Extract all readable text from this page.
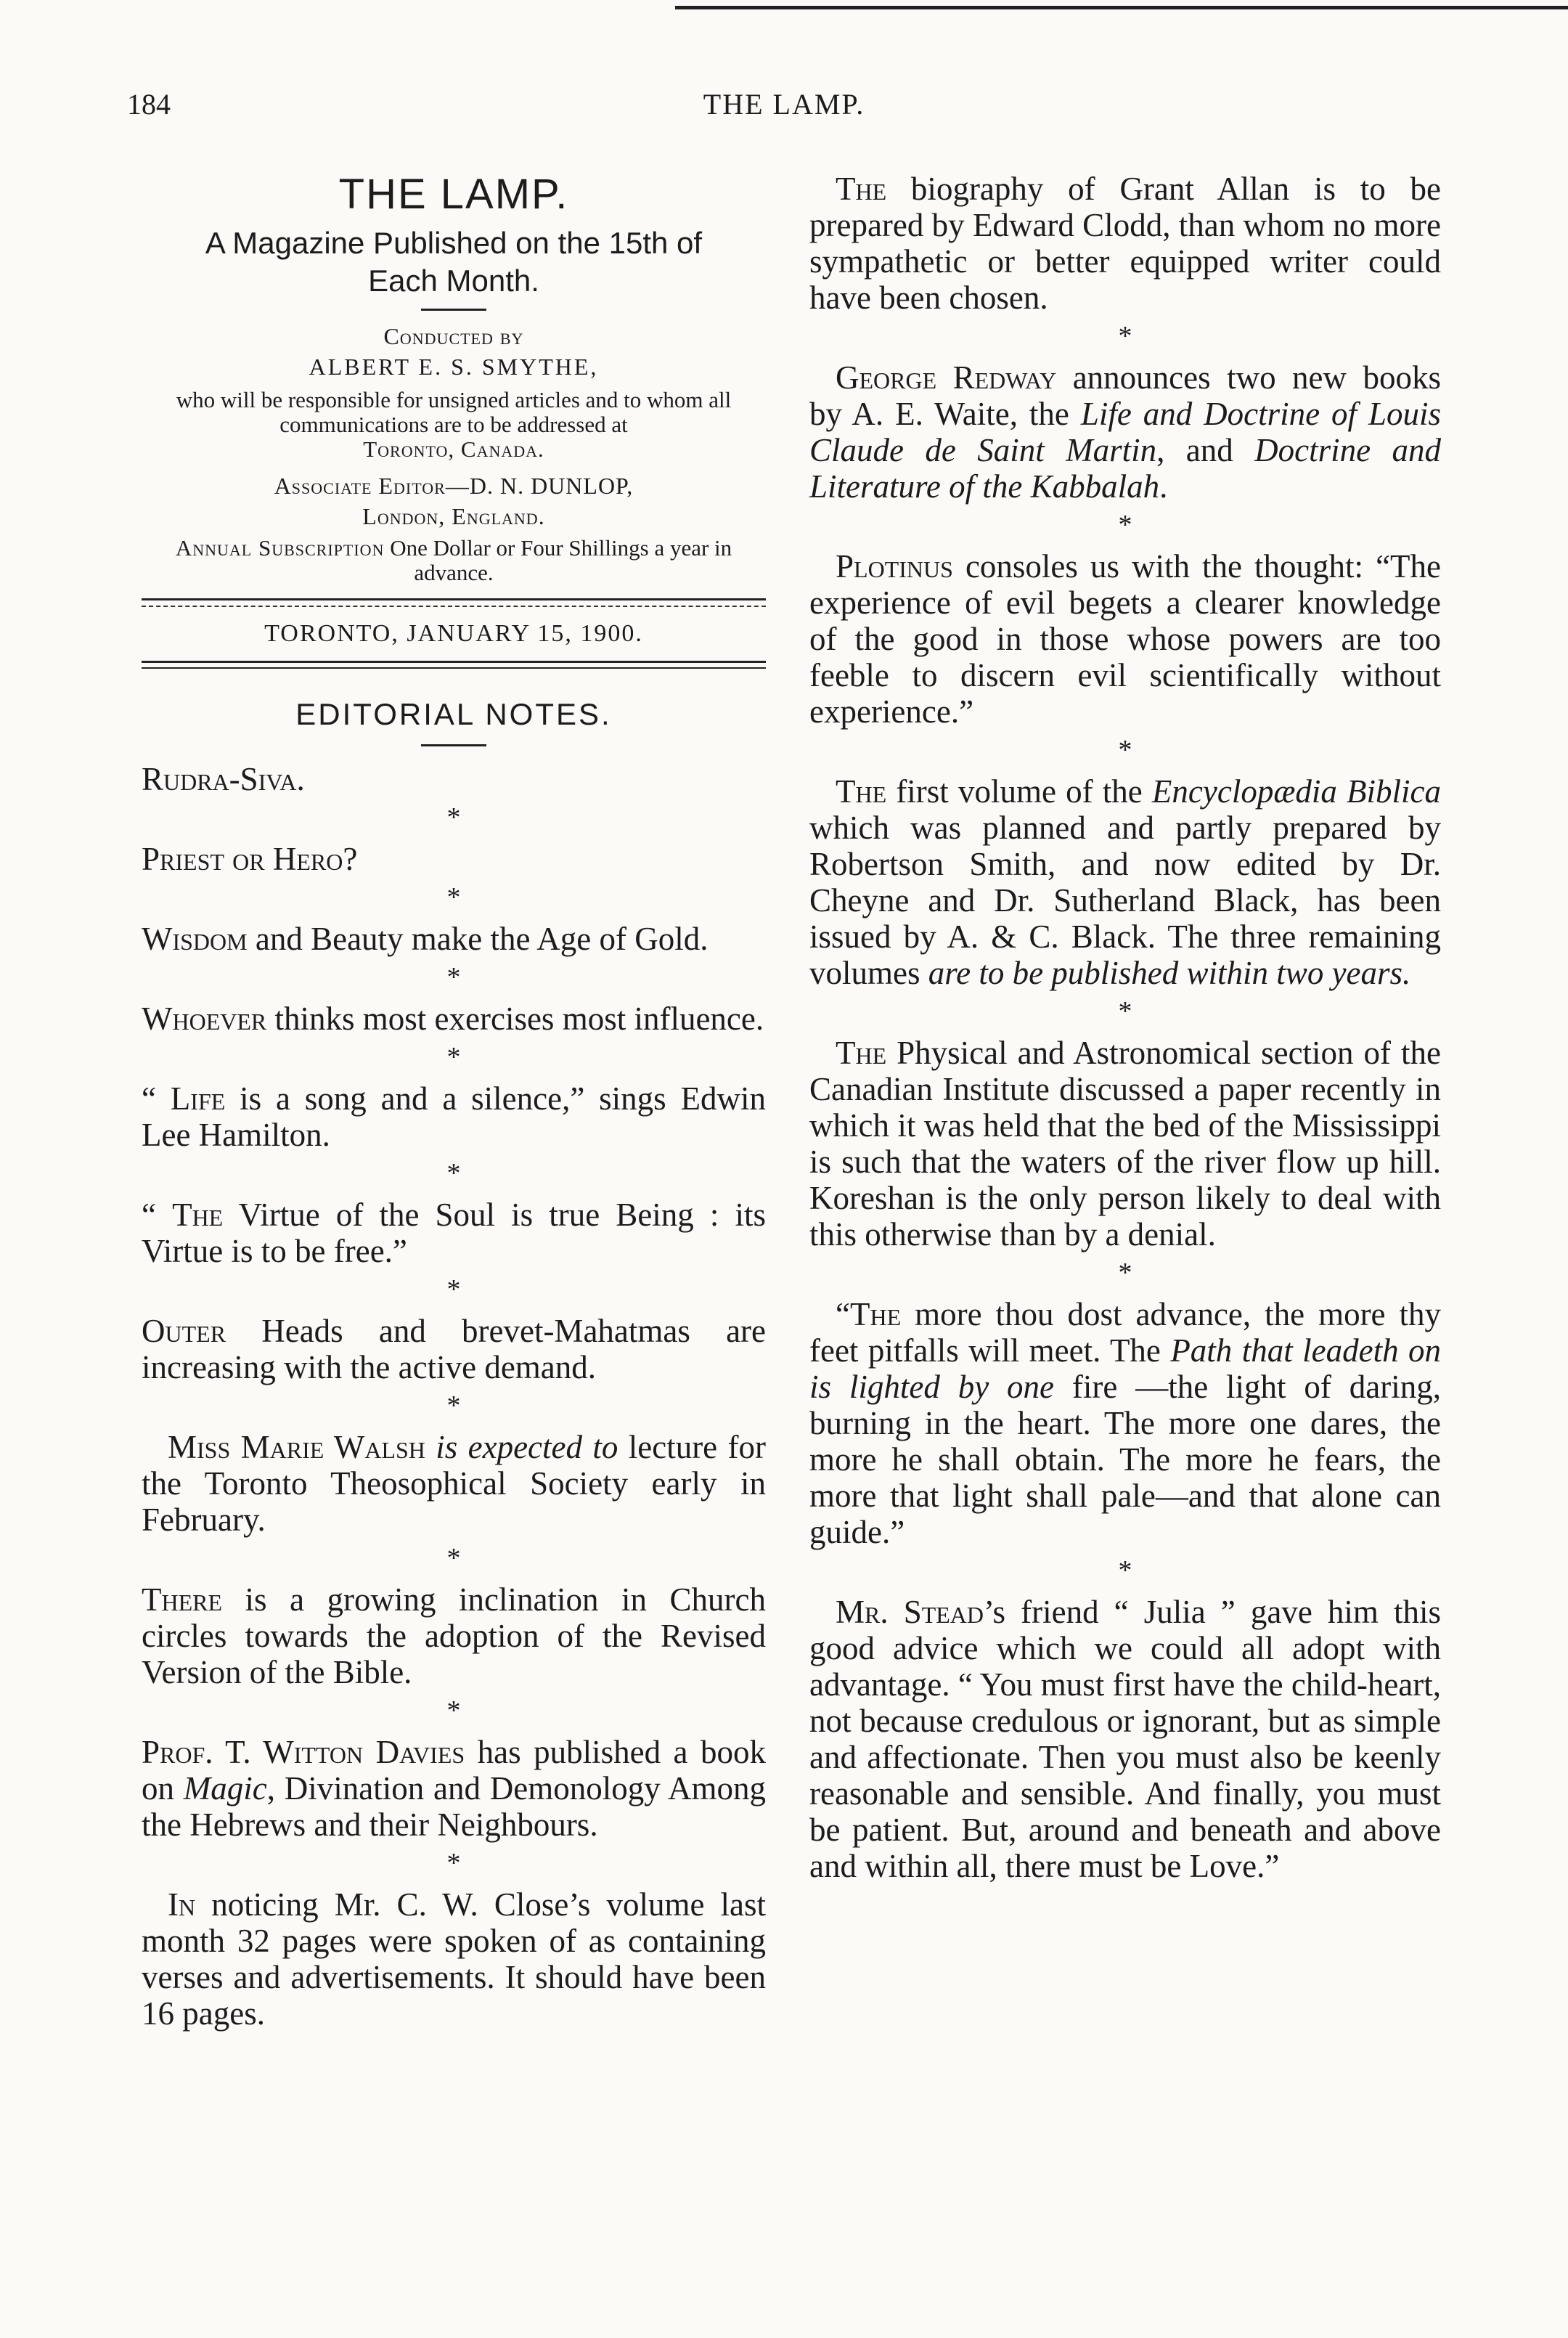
184	THE LAMP.

THE LAMP.

A Magazine Published on the 15th of Each Month.

Conducted by

ALBERT E. S. SMYTHE,

who will be responsible for unsigned articles and to whom all communications are to be addressed at
Toronto, Canada.

Associate Editor—D. N. DUNLOP,

London, England.

Annual Subscription One Dollar or Four Shillings a year in advance.

TORONTO, JANUARY 15, 1900.

EDITORIAL NOTES.

Rudra-Siva.

*

Priest or Hero?

*

Wisdom and Beauty make the Age of Gold.

*

Whoever thinks most exercises most influence.

*

“ Life is a song and a silence,” sings Edwin Lee Hamilton.

*

“ The Virtue of the Soul is true Being : its Virtue is to be free.”

*

Outer Heads and brevet-Mahatmas are increasing with the active demand.

*

Miss Marie Walsh is expected to lecture for the Toronto Theosophical Society early in February.

*

There is a growing inclination in Church circles towards the adoption of the Revised Version of the Bible.

*

Prof. T. Witton Davies has published a book on Magic, Divination and Demonology Among the Hebrews and their Neighbours.

*

In noticing Mr. C. W. Close’s volume last month 32 pages were spoken of as containing verses and advertisements. It should have been 16 pages.

The biography of Grant Allan is to be prepared by Edward Clodd, than whom no more sympathetic or better equipped writer could have been chosen.

*

George Redway announces two new books by A. E. Waite, the Life and Doctrine of Louis Claude de Saint Martin, and Doctrine and Literature of the Kabbalah.

*

Plotinus consoles us with the thought: “The experience of evil begets a clearer knowledge of the good in those whose powers are too feeble to discern evil scientifically without experience.”

*

The first volume of the Encyclopædia Biblica which was planned and partly prepared by Robertson Smith, and now edited by Dr. Cheyne and Dr. Sutherland Black, has been issued by A. & C. Black. The three remaining volumes are to be published within two years.

*

The Physical and Astronomical section of the Canadian Institute discussed a paper recently in which it was held that the bed of the Mississippi is such that the waters of the river flow up hill. Koreshan is the only person likely to deal with this otherwise than by a denial.

*

“The more thou dost advance, the more thy feet pitfalls will meet. The Path that leadeth on is lighted by one fire —the light of daring, burning in the heart. The more one dares, the more he shall obtain. The more he fears, the more that light shall pale—and that alone can guide.”

*

Mr. Stead’s friend “ Julia ” gave him this good advice which we could all adopt with advantage. “ You must first have the child-heart, not because credulous or ignorant, but as simple and affectionate. Then you must also be keenly reasonable and sensible. And finally, you must be patient. But, around and beneath and above and within all, there must be Love.”
